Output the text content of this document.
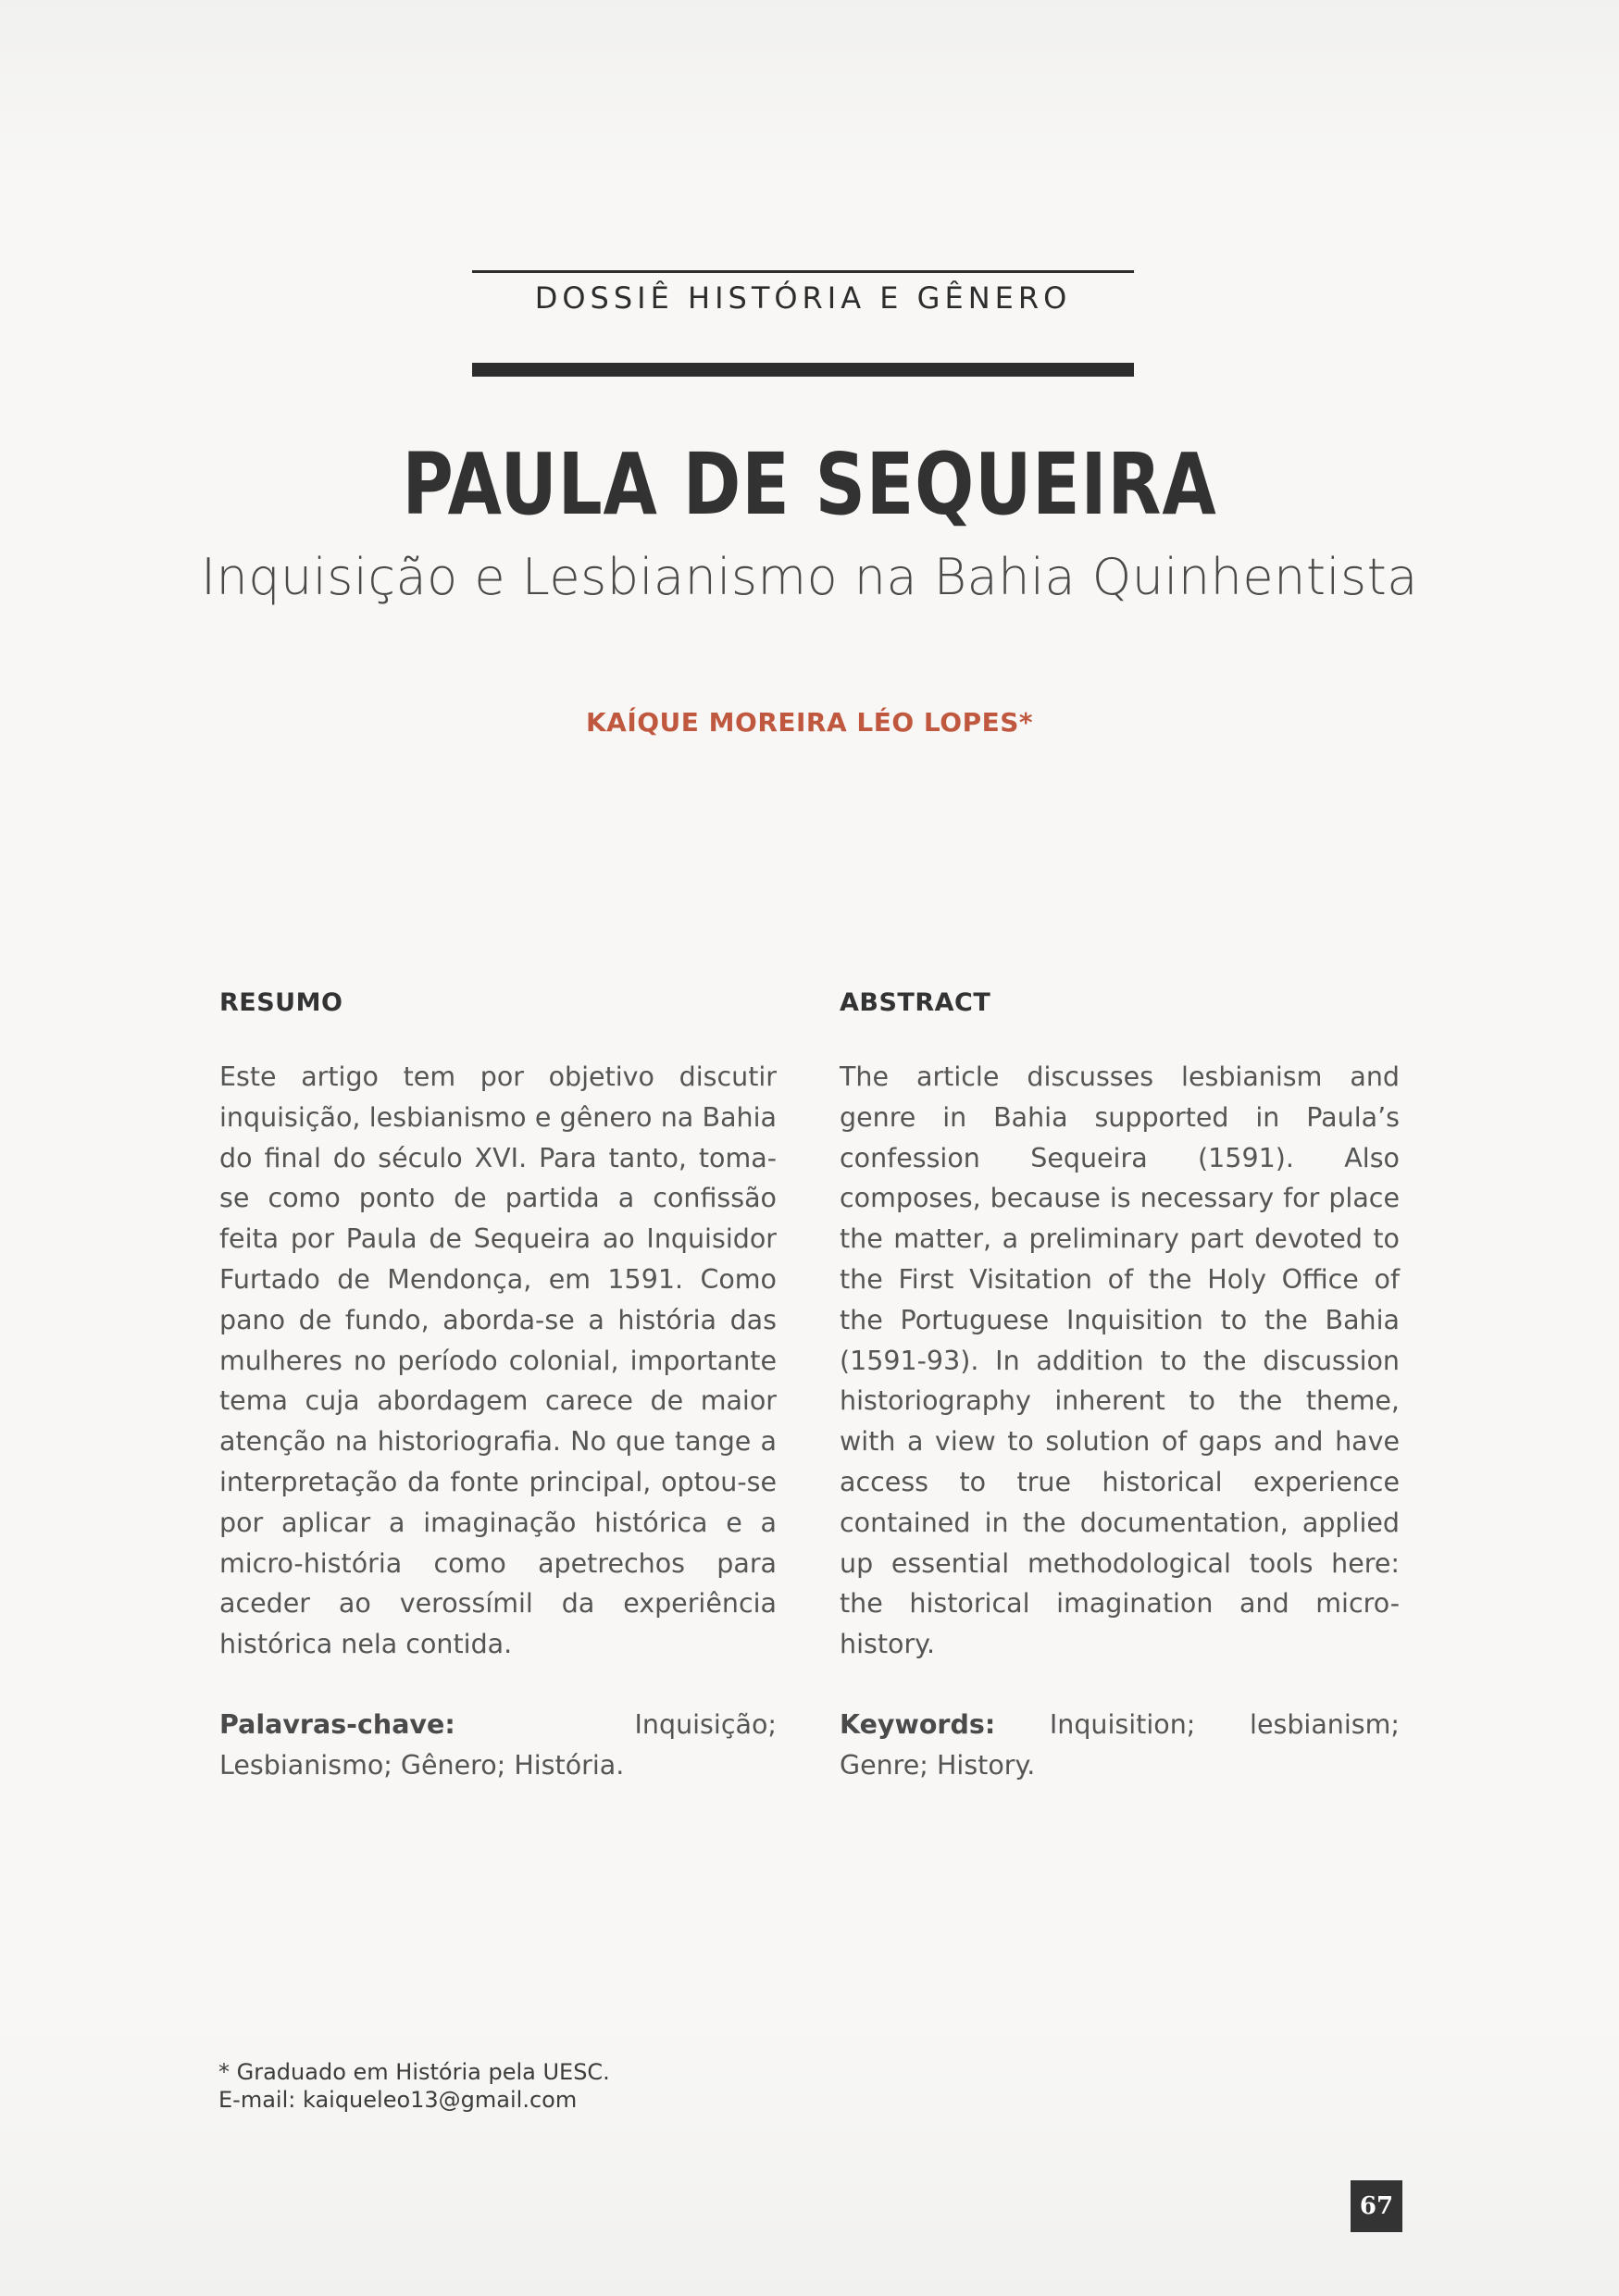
DOSSIÊ HISTÓRIA E GÊNERO
PAULA DE SEQUEIRA
Inquisição e Lesbianismo na Bahia Quinhentista
KAÍQUE MOREIRA LÉO LOPES*
RESUMO

Este artigo tem por objetivo discutir inquisição, lesbianismo e gênero na Bahia do final do século XVI. Para tanto, toma-se como ponto de partida a confissão feita por Paula de Sequeira ao Inquisidor Furtado de Mendonça, em 1591. Como pano de fundo, aborda-se a história das mulheres no período colonial, importante tema cuja abordagem carece de maior atenção na historiografia. No que tange a interpretação da fonte principal, optou-se por aplicar a imaginação histórica e a micro-história como apetrechos para aceder ao verossímil da experiência histórica nela contida.

Palavras-chave:	Inquisição; Lesbianismo; Gênero; História.

ABSTRACT

The article discusses lesbianism and genre in Bahia supported in Paula’s confession Sequeira (1591). Also composes, because is necessary for place the matter, a preliminary part devoted to the First Visitation of the Holy Office of the Portuguese Inquisition to the Bahia (1591-93). In addition to the discussion historiography inherent to the theme, with a view to solution of gaps and have access to true historical experience contained in the documentation, applied up essential methodological tools here: the historical imagination and micro-history.

Keywords: Inquisition; lesbianism; Genre; History.

* Graduado em História pela UESC.
E-mail: kaiqueleo13@gmail.com
67
